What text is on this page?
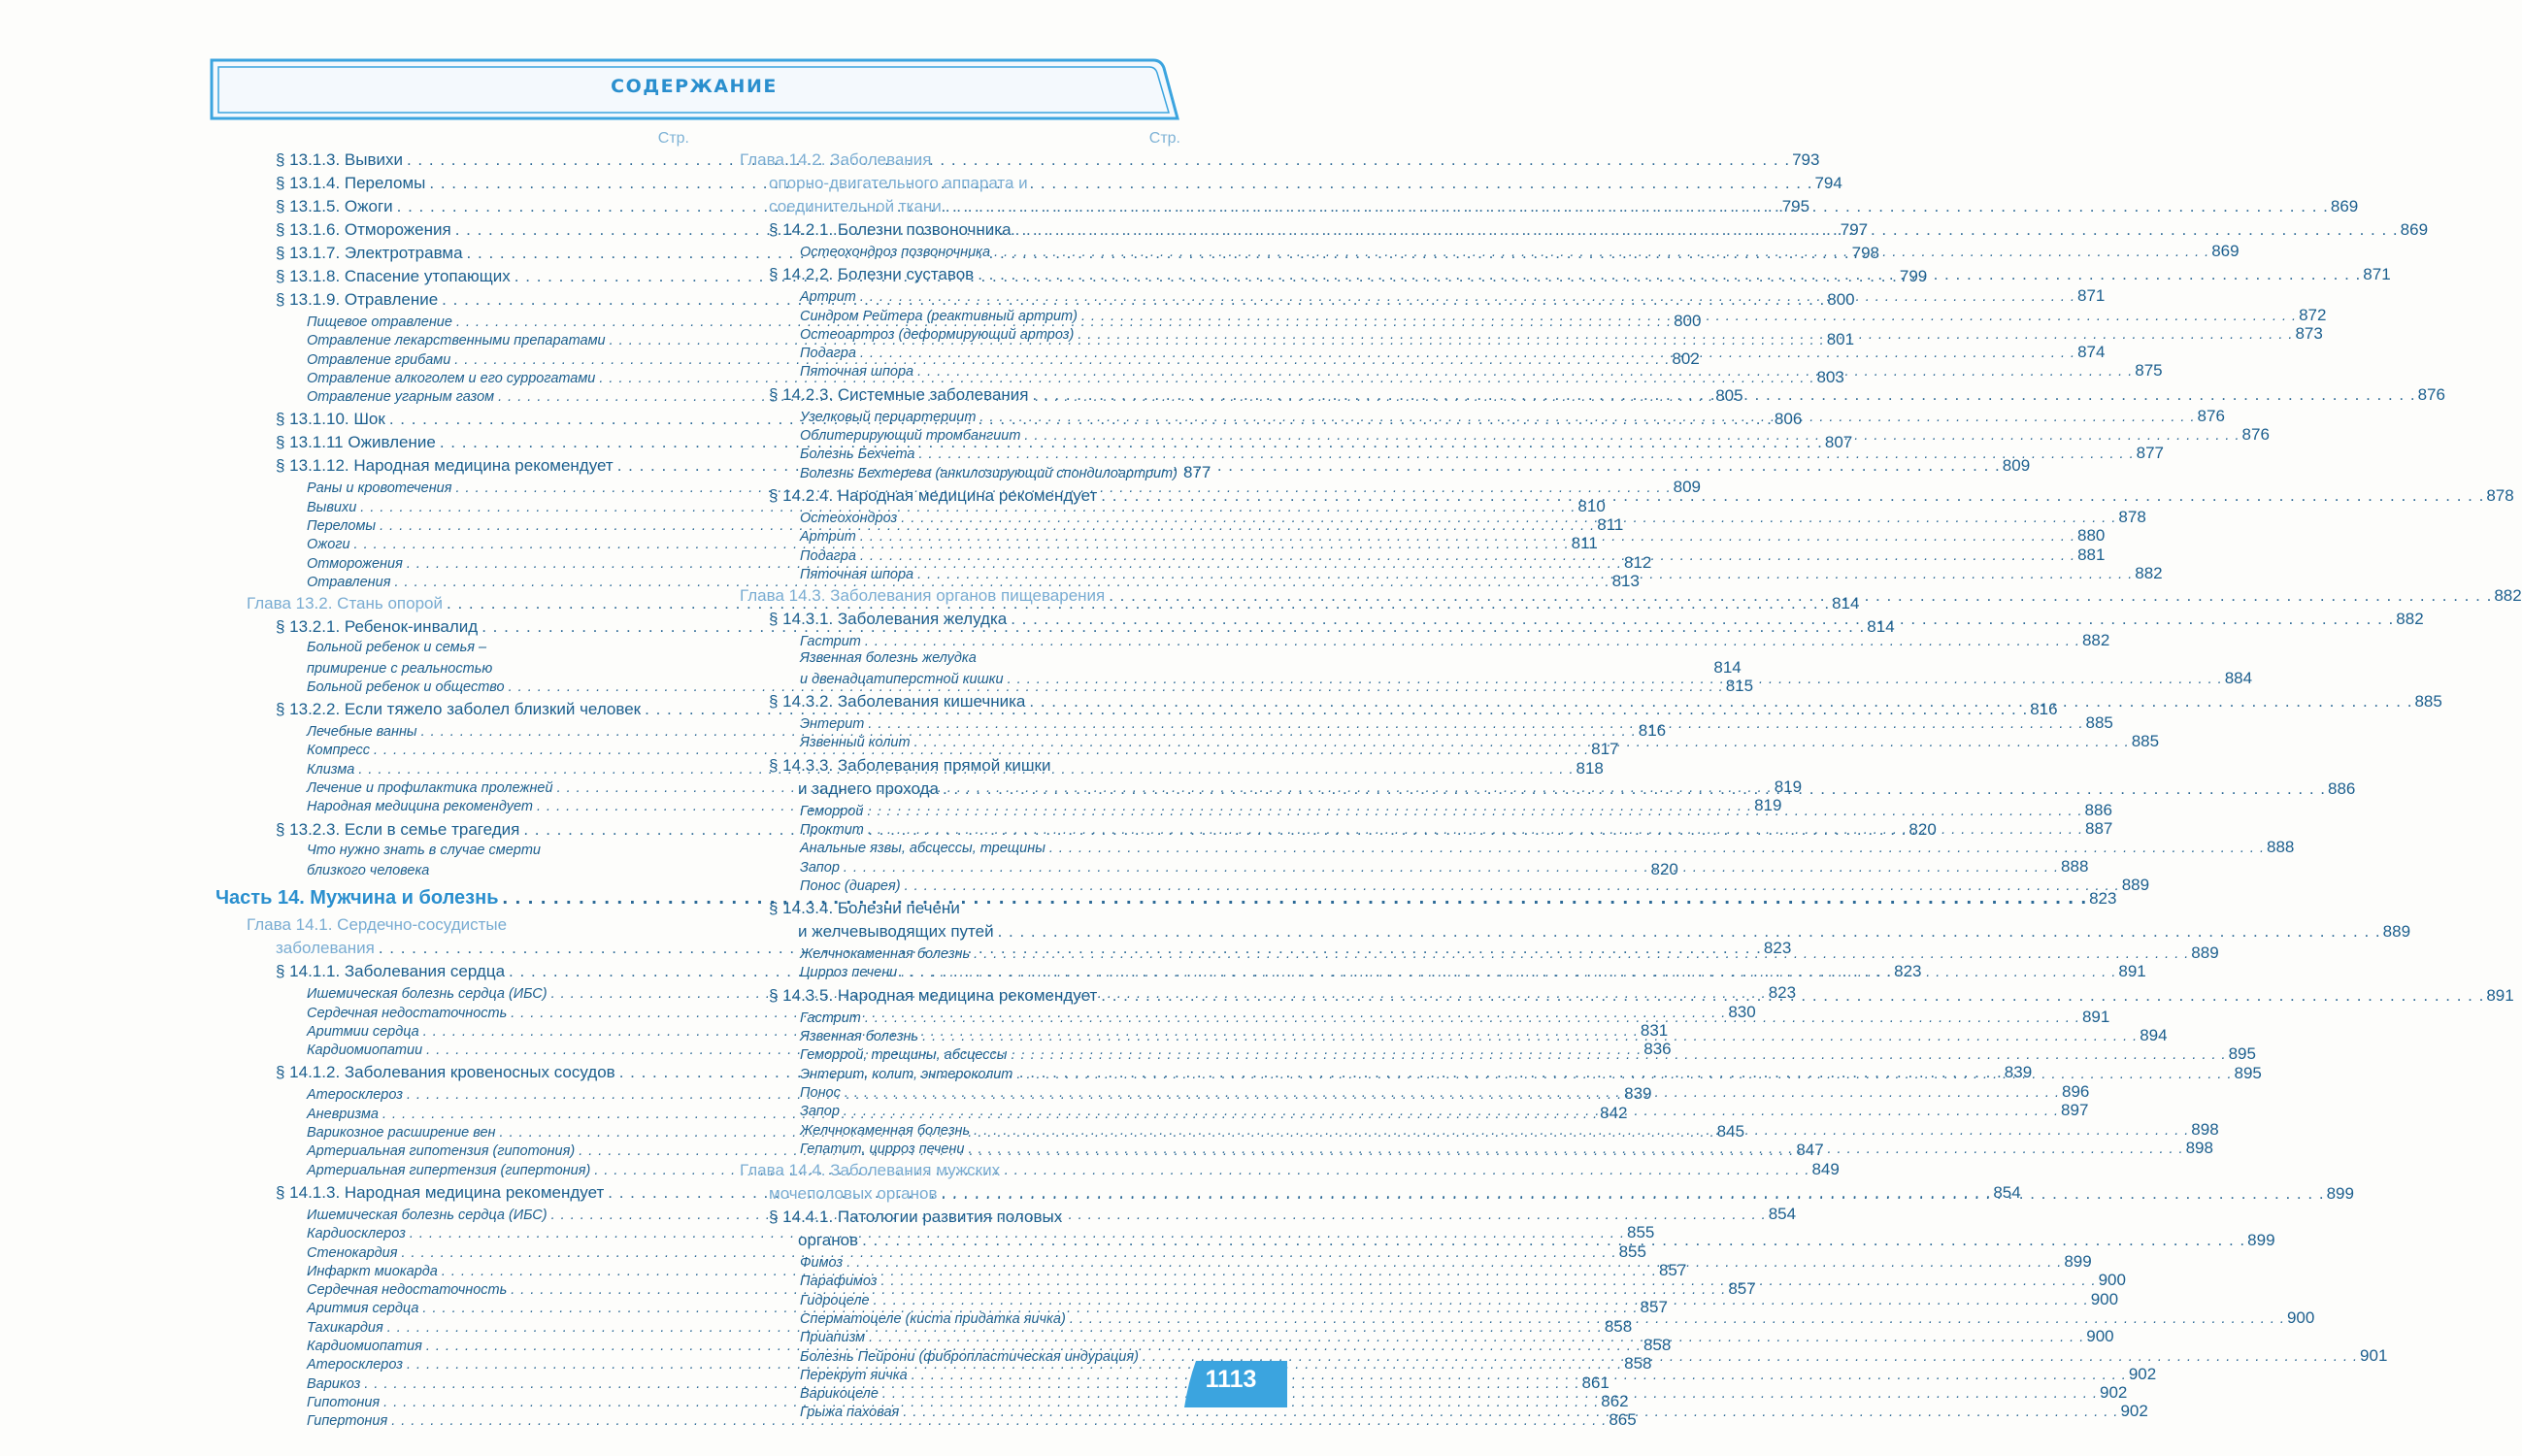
СОДЕРЖАНИЕ
Стр.
§ 13.1.3. Вывихи . . .	793
§ 13.1.4. Переломы . . .	794
§ 13.1.5. Ожоги . . .	795
§ 13.1.6. Отморожения . . .	797
§ 13.1.7. Электротравма . . .	798
§ 13.1.8. Спасение утопающих . . .	799
§ 13.1.9. Отравление . . .	800
Пищевое отравление . . .	800
Отравление лекарственными препаратами . . .	801
Отравление грибами . . .	802
Отравление алкоголем и его суррогатами . . .	803
Отравление угарным газом . . .	805
§ 13.1.10. Шок . . .	806
§ 13.1.11 Оживление . . .	807
§ 13.1.12. Народная медицина рекомендует . . .	809
Раны и кровотечения . . .	809
Вывихи . . .	810
Переломы . . .	811
Ожоги . . .	811
Отморожения . . .	812
Отравления . . .	813
Глава 13.2. Стань опорой . . .	814
§ 13.2.1. Ребенок-инвалид . . .	814
Больной ребенок и семья –
примирение с реальностью	814
Больной ребенок и общество . . .	815
§ 13.2.2. Если тяжело заболел близкий человек . . .	816
Лечебные ванны . . .	816
Компресс . . .	817
Клизма . . .	818
Лечение и профилактика пролежней . . .	819
Народная медицина рекомендует . . .	819
§ 13.2.3. Если в семье трагедия . . .	820
Что нужно знать в случае смерти
близкого человека	820
Часть 14. Мужчина и болезнь . . .	823
Глава 14.1. Сердечно-сосудистые
заболевания . . .	823
§ 14.1.1. Заболевания сердца . . .	823
Ишемическая болезнь сердца (ИБС) . . .	823
Сердечная недостаточность . . .	830
Аритмии сердца . . .	831
Кардиомиопатии . . .	836
§ 14.1.2. Заболевания кровеносных сосудов . . .	839
Атеросклероз . . .	839
Аневризма . . .	842
Варикозное расширение вен . . .	845
Артериальная гипотензия (гипотония) . . .	847
Артериальная гипертензия (гипертония) . . .	849
§ 14.1.3. Народная медицина рекомендует . . .	854
Ишемическая болезнь сердца (ИБС) . . .	854
Кардиосклероз . . .	855
Стенокардия . . .	855
Инфаркт миокарда . . .	857
Сердечная недостаточность . . .	857
Аритмия сердца . . .	857
Тахикардия . . .	858
Кардиомиопатия . . .	858
Атеросклероз . . .	858
Варикоз . . .	861
Гипотония . . .	862
Гипертония . . .	865
Стр.
Глава 14.2. Заболевания
опорно-двигательного аппарата и
соединительной ткани . . .	869
§ 14.2.1. Болезни позвоночника . . .	869
Остеохондроз позвоночника . . .	869
§ 14.2.2. Болезни суставов . . .	871
Артрит . . .	871
Синдром Рейтера (реактивный артрит) . . .	872
Остеоартроз (деформирующий артроз) . . .	873
Подагра . . .	874
Пяточная шпора . . .	875
§ 14.2.3. Системные заболевания . . .	876
Узелковый периартериит . . .	876
Облитерирующий тромбангиит . . .	876
Болезнь Бехчета . . .	877
Болезнь Бехтерева (анкилозирующий спондилоартрит) 877
§ 14.2.4. Народная медицина рекомендует . . .	878
Остеохондроз . . .	878
Артрит . . .	880
Подагра . . .	881
Пяточная шпора . . .	882
Глава 14.3. Заболевания органов пищеварения . . .	882
§ 14.3.1. Заболевания желудка . . .	882
Гастрит . . .	882
Язвенная болезнь желудка
и двенадцатиперстной кишки . . .	884
§ 14.3.2. Заболевания кишечника . . .	885
Энтерит . . .	885
Язвенный колит . . .	885
§ 14.3.3. Заболевания прямой кишки
и заднего прохода . . .	886
Геморрой . . .	886
Проктит . . .	887
Анальные язвы, абсцессы, трещины . . .	888
Запор . . .	888
Понос (диарея) . . .	889
§ 14.3.4. Болезни печени
и желчевыводящих путей . . .	889
Желчнокаменная болезнь . . .	889
Цирроз печени . . .	891
§ 14.3.5. Народная медицина рекомендует . . .	891
Гастрит . . .	891
Язвенная болезнь . . .	894
Геморрой, трещины, абсцессы . . .	895
Энтерит, колит, энтероколит . . .	895
Понос . . .	896
Запор . . .	897
Желчнокаменная болезнь . . .	898
Гепатит, цирроз печени . . .	898
Глава 14.4. Заболевания мужских
мочеполовых органов . . .	899
§ 14.4.1. Патологии развития половых
органов . . .	899
Фимоз . . .	899
Парафимоз . . .	900
Гидроцеле . . .	900
Сперматоцеле (киста придатка яичка) . . .	900
Приапизм . . .	900
Болезнь Пейрони (фибропластическая индурация) . . .	901
Перекрут яичка . . .	902
Варикоцеле . . .	902
Грыжа паховая . . .	902
1113
